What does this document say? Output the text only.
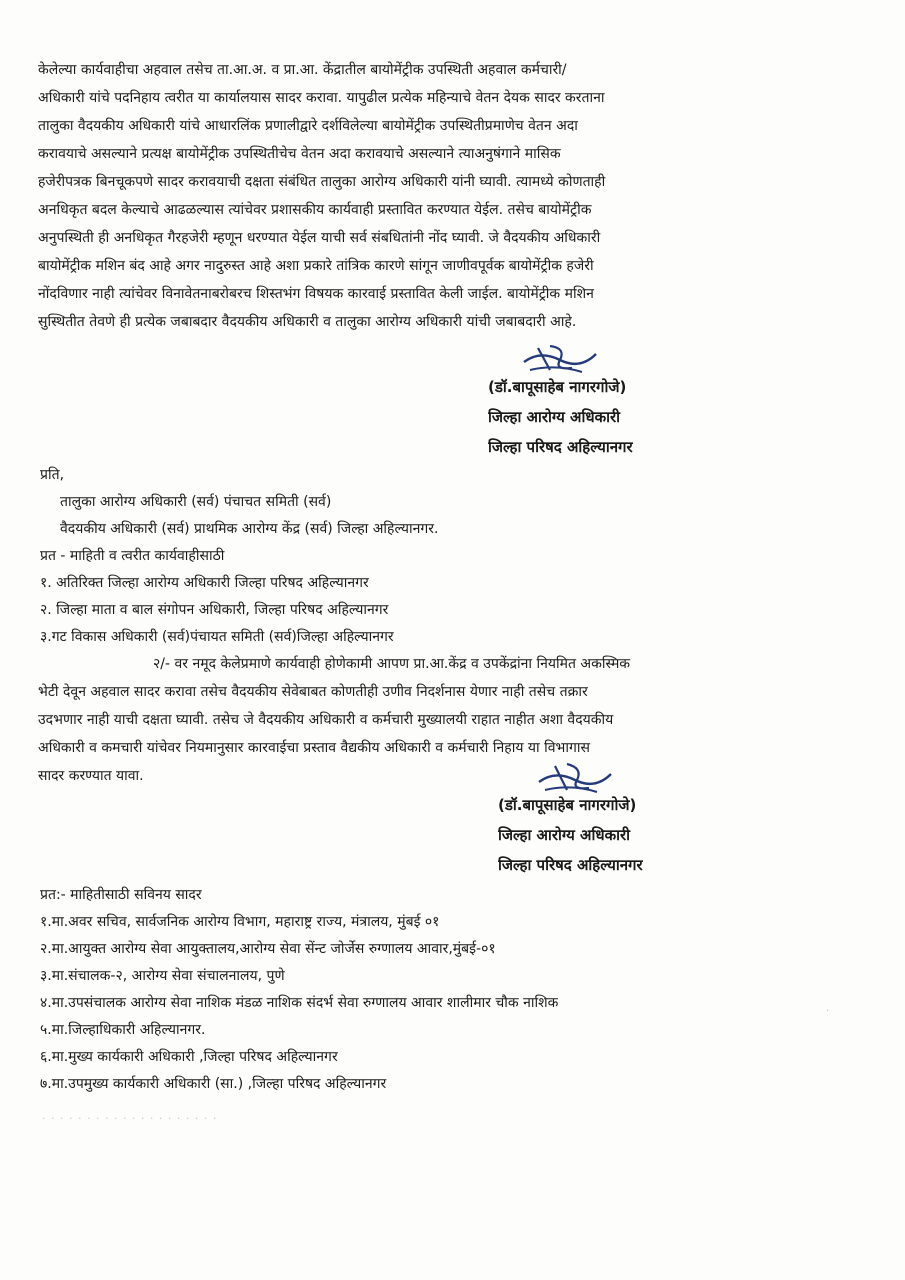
केलेल्या कार्यवाहीचा अहवाल तसेच ता.आ.अ. व प्रा.आ. केंद्रातील बायोमेंट्रीक उपस्थिती अहवाल कर्मचारी/
अधिकारी यांचे पदनिहाय त्वरीत या कार्यालयास सादर करावा. यापुढील प्रत्येक महिन्याचे वेतन देयक सादर करताना
तालुका वैदयकीय अधिकारी यांचे आधारलिंक प्रणालीद्वारे दर्शविलेल्या बायोमेंट्रीक उपस्थितीप्रमाणेच वेतन अदा
करावयाचे असल्याने प्रत्यक्ष बायोमेंट्रीक उपस्थितीचेच वेतन अदा करावयाचे असल्याने त्याअनुषंगाने मासिक
हजेरीपत्रक बिनचूकपणे सादर करावयाची दक्षता संबंधित तालुका आरोग्य अधिकारी यांनी घ्यावी. त्यामध्ये कोणताही
अनधिकृत बदल केल्याचे आढळल्यास त्यांचेवर प्रशासकीय कार्यवाही प्रस्तावित करण्यात येईल. तसेच बायोमेंट्रीक
अनुपस्थिती ही अनधिकृत गैरहजेरी म्हणून धरण्यात येईल याची सर्व संबधितांनी नोंद घ्यावी. जे वैदयकीय अधिकारी
बायोमेंट्रीक मशिन बंद आहे अगर नादुरुस्त आहे अशा प्रकारे तांत्रिक कारणे सांगून जाणीवपूर्वक बायोमेंट्रीक हजेरी
नोंदविणार नाही त्यांचेवर विनावेतनाबरोबरच शिस्तभंग विषयक कारवाई प्रस्तावित केली जाईल. बायोमेंट्रीक मशिन
सुस्थितीत तेवणे ही प्रत्येक जबाबदार वैदयकीय अधिकारी व तालुका आरोग्य अधिकारी यांची जबाबदारी आहे.
(डॉ.बापूसाहेब नागरगोजे)
जिल्हा आरोग्य अधिकारी
जिल्हा परिषद अहिल्यानगर
प्रति,
तालुका आरोग्य अधिकारी (सर्व) पंचाचत समिती (सर्व)
वैदयकीय अधिकारी (सर्व) प्राथमिक आरोग्य केंद्र (सर्व) जिल्हा अहिल्यानगर.
प्रत - माहिती व त्वरीत कार्यवाहीसाठी
१. अतिरिक्त जिल्हा आरोग्य अधिकारी जिल्हा परिषद अहिल्यानगर
२. जिल्हा माता व बाल संगोपन अधिकारी, जिल्हा परिषद अहिल्यानगर
३.गट विकास अधिकारी (सर्व)पंचायत समिती (सर्व)जिल्हा अहिल्यानगर
२/- वर नमूद केलेप्रमाणे कार्यवाही होणेकामी आपण प्रा.आ.केंद्र व उपकेंद्रांना नियमित अकस्मिक
भेटी देवून अहवाल सादर करावा तसेच वैदयकीय सेवेबाबत कोणतीही उणीव निदर्शनास येणार नाही तसेच तक्रार
उदभणार नाही याची दक्षता घ्यावी. तसेच जे वैदयकीय अधिकारी व कर्मचारी मुख्यालयी राहात नाहीत अशा वैदयकीय
अधिकारी व कमचारी यांचेवर नियमानुसार कारवाईचा प्रस्ताव वैद्यकीय अधिकारी व कर्मचारी निहाय या विभागास
सादर करण्यात यावा.
(डॉ.बापूसाहेब नागरगोजे)
जिल्हा आरोग्य अधिकारी
जिल्हा परिषद अहिल्यानगर
प्रत:- माहितीसाठी सविनय सादर
१.मा.अवर सचिव, सार्वजनिक आरोग्य विभाग, महाराष्ट्र राज्य, मंत्रालय, मुंबई ०१
२.मा.आयुक्त आरोग्य सेवा आयुक्तालय,आरोग्य सेवा सेंन्ट जोर्जेस रुग्णालय आवार,मुंबई-०१
३.मा.संचालक-२, आरोग्य सेवा संचालनालय, पुणे
४.मा.उपसंचालक आरोग्य सेवा नाशिक मंडळ नाशिक संदर्भ सेवा रुग्णालय आवार शालीमार चौक नाशिक
५.मा.जिल्हाधिकारी अहिल्यानगर.
६.मा.मुख्य कार्यकारी अधिकारी ,जिल्हा परिषद अहिल्यानगर
७.मा.उपमुख्य कार्यकारी अधिकारी (सा.) ,जिल्हा परिषद अहिल्यानगर
· · · · · · · · · · · · · · · · · · · ·
·
